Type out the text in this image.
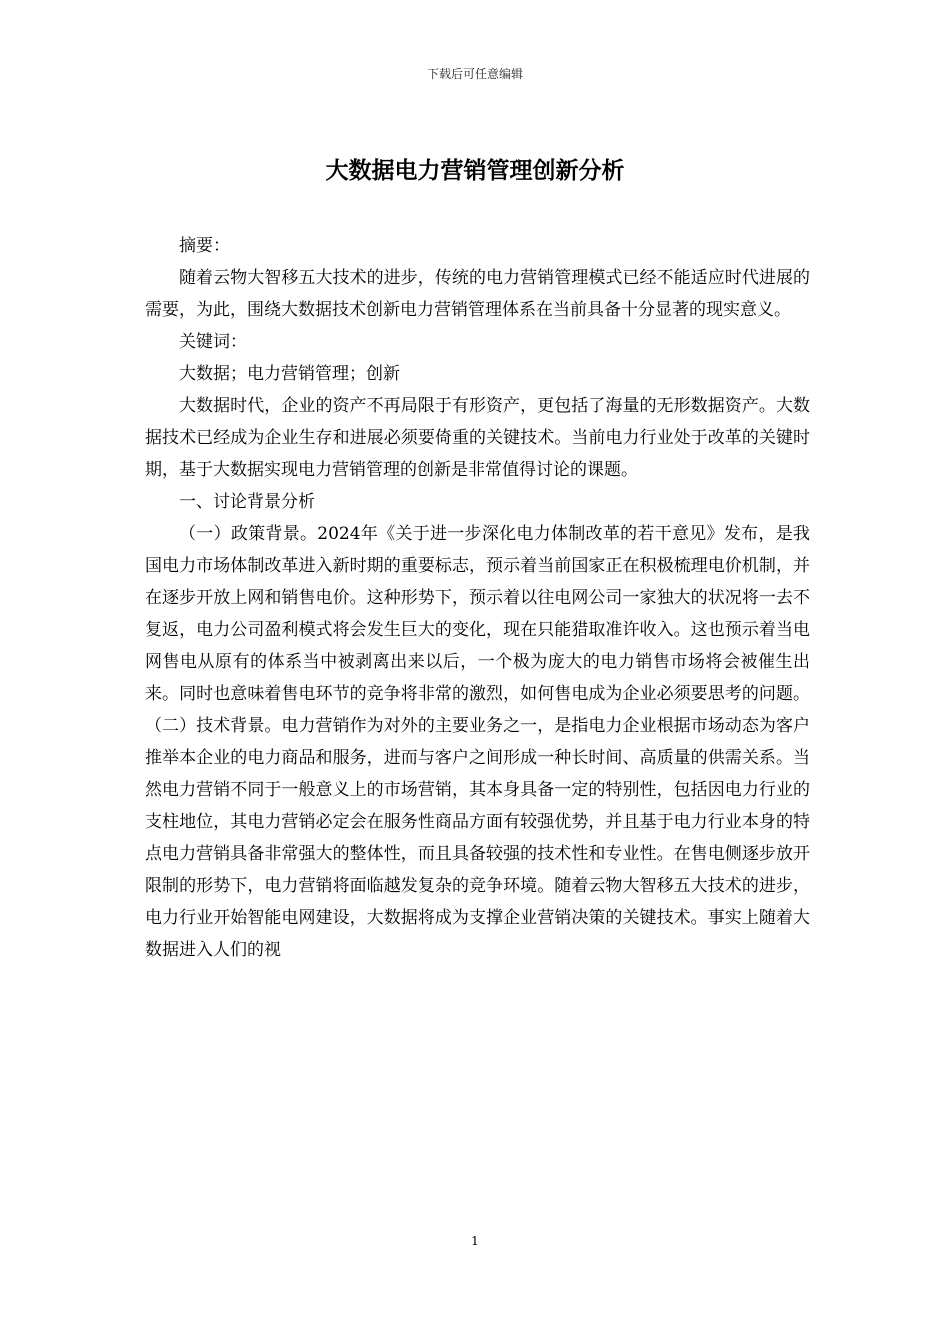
下载后可任意编辑
大数据电力营销管理创新分析

摘要：

随着云物大智移五大技术的进步，传统的电力营销管理模式已经不能适应时代进展的需要，为此，围绕大数据技术创新电力营销管理体系在当前具备十分显著的现实意义。

关键词：

大数据；电力营销管理；创新

大数据时代，企业的资产不再局限于有形资产，更包括了海量的无形数据资产。大数据技术已经成为企业生存和进展必须要倚重的关键技术。当前电力行业处于改革的关键时期，基于大数据实现电力营销管理的创新是非常值得讨论的课题。

一、讨论背景分析

（一）政策背景。2024年《关于进一步深化电力体制改革的若干意见》发布，是我国电力市场体制改革进入新时期的重要标志，预示着当前国家正在积极梳理电价机制，并在逐步开放上网和销售电价。这种形势下，预示着以往电网公司一家独大的状况将一去不复返，电力公司盈利模式将会发生巨大的变化，现在只能猎取准许收入。这也预示着当电网售电从原有的体系当中被剥离出来以后，一个极为庞大的电力销售市场将会被催生出来。同时也意味着售电环节的竞争将非常的激烈，如何售电成为企业必须要思考的问题。（二）技术背景。电力营销作为对外的主要业务之一，是指电力企业根据市场动态为客户推举本企业的电力商品和服务，进而与客户之间形成一种长时间、高质量的供需关系。当然电力营销不同于一般意义上的市场营销，其本身具备一定的特别性，包括因电力行业的支柱地位，其电力营销必定会在服务性商品方面有较强优势，并且基于电力行业本身的特点电力营销具备非常强大的整体性，而且具备较强的技术性和专业性。在售电侧逐步放开限制的形势下，电力营销将面临越发复杂的竞争环境。随着云物大智移五大技术的进步，电力行业开始智能电网建设，大数据将成为支撑企业营销决策的关键技术。事实上随着大数据进入人们的视

1
